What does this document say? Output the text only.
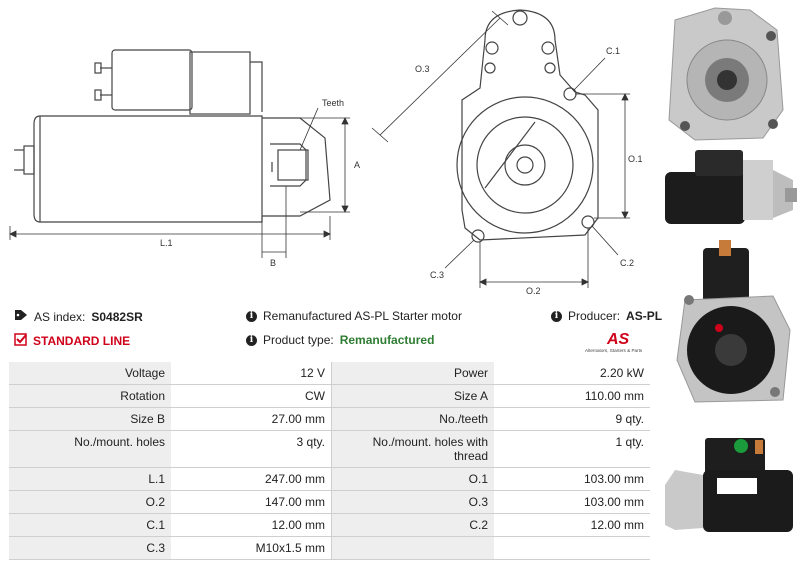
Teeth
A
B
L.1
O.3
C.1
O.1
C.3
C.2
O.2
AS index: S0482SR
STANDARD LINE
i Remanufactured AS-PL Starter motor
i Product type: Remanufactured
i Producer: AS-PL
AS
Alternators, Starters & Parts
Voltage	12 V	Power	2.20 kW
Rotation	CW	Size A	110.00 mm
Size B	27.00 mm	No./teeth	9 qty.
No./mount. holes	3 qty.	No./mount. holes with thread	1 qty.
L.1	247.00 mm	O.1	103.00 mm
O.2	147.00 mm	O.3	103.00 mm
C.1	12.00 mm	C.2	12.00 mm
C.3	M10x1.5 mm		
